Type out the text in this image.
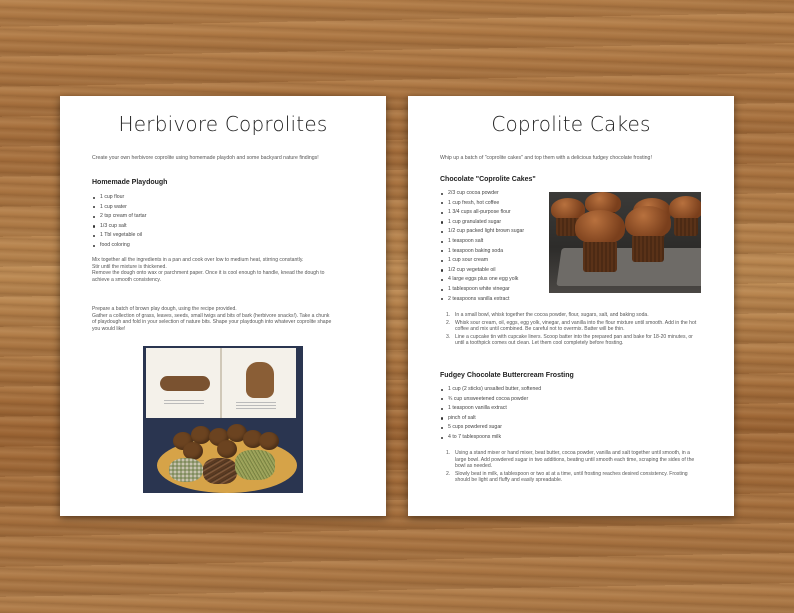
Herbivore Coprolites
Create your own herbivore coprolite using homemade playdoh and some backyard nature findings!
Homemade Playdough
1 cup flour
1 cup water
2 tsp cream of tartar
1/3 cup salt
1 Tbl vegetable oil
food coloring
Mix together all the ingredients in a pan and cook over low to medium heat, stirring constantly.
Stir until the mixture is thickened.
Remove the dough onto wax or parchment paper. Once it is cool enough to handle, knead the dough to
achieve a smooth consistency.
Prepare a batch of brown play dough, using the recipe provided.
Gather a collection of grass, leaves, seeds, small twigs and bits of bark (herbivore snacks!). Take a chunk
of playdough and fold in your selection of nature bits. Shape your playdough into whatever coprolite shape
you would like!
Coprolite Cakes
Whip up a batch of "coprolite cakes" and top them with a delicious fudgey chocolate frosting!
Chocolate "Coprolite Cakes"
2/3 cup cocoa powder
1 cup fresh, hot coffee
1 3/4 cups all-purpose flour
1 cup granulated sugar
1/2 cup packed light brown sugar
1 teaspoon salt
1 teaspoon baking soda
1 cup sour cream
1/2 cup vegetable oil
4 large eggs plus one egg yolk
1 tablespoon white vinegar
2 teaspoons vanilla extract
1. In a small bowl, whisk together the cocoa powder, flour, sugars, salt, and baking soda.
2. Whisk sour cream, oil, eggs, egg yolk, vinegar, and vanilla into the flour mixture until smooth. Add in the hot coffee and mix until combined. Be careful not to overmix. Batter will be thin.
3. Line a cupcake tin with cupcake liners. Scoop batter into the prepared pan and bake for 18-20 minutes, or until a toothpick comes out clean. Let them cool completely before frosting.
Fudgey Chocolate Buttercream Frosting
1 cup (2 sticks) unsalted butter, softened
¾ cup unsweetened cocoa powder
1 teaspoon vanilla extract
pinch of salt
5 cups powdered sugar
4 to 7 tablespoons milk
1. Using a stand mixer or hand mixer, beat butter, cocoa powder, vanilla and salt together until smooth, in a large bowl. Add powdered sugar in two additions, beating until smooth each time, scraping the sides of the bowl as needed.
2. Slowly beat in milk, a tablespoon or two at at a time, until frosting reaches desired consistency. Frosting should be light and fluffy and easily spreadable.
